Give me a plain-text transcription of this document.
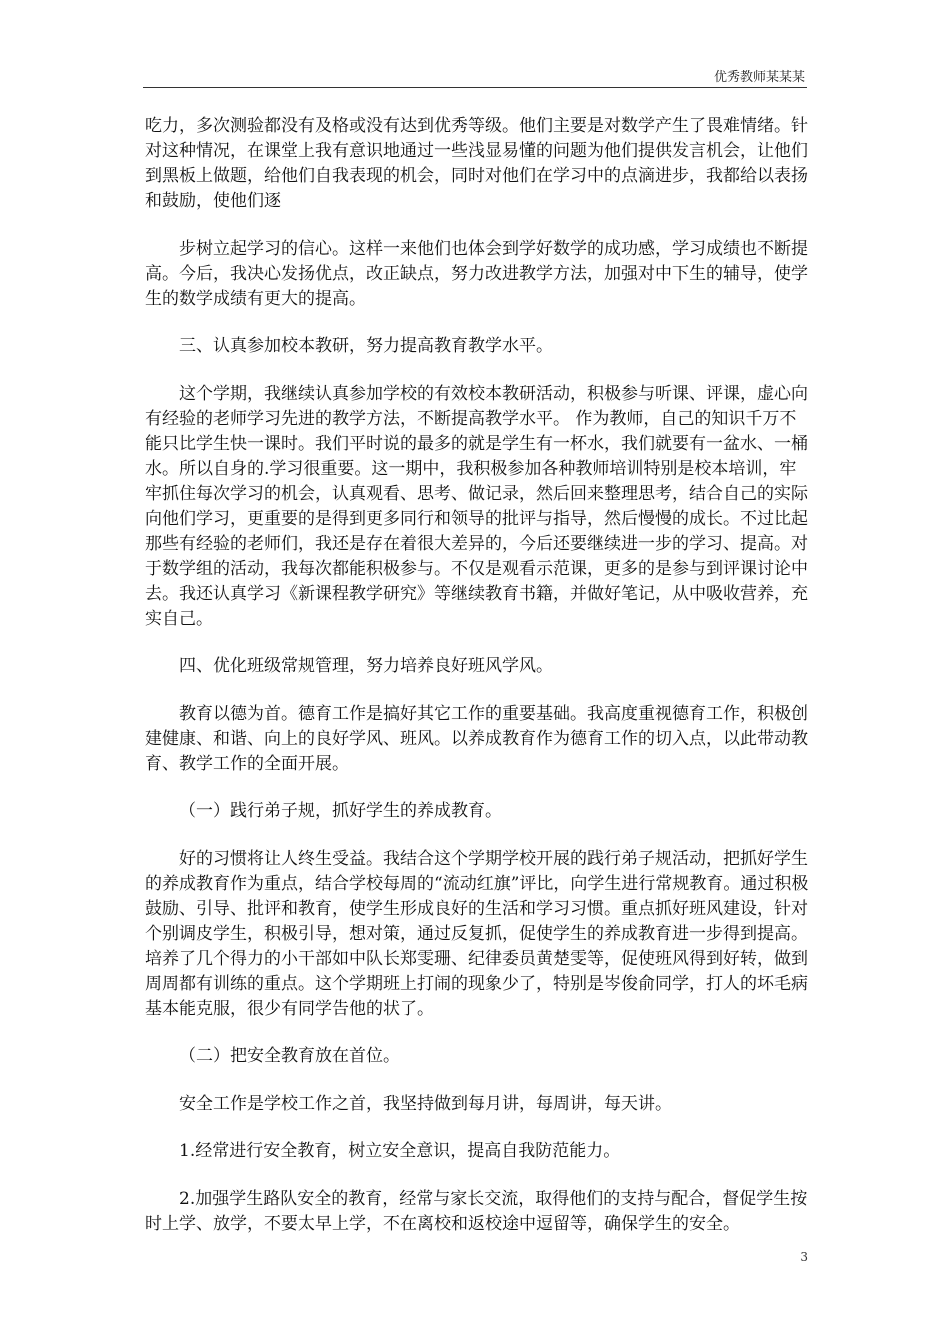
优秀教师某某某

吃力，多次测验都没有及格或没有达到优秀等级。他们主要是对数学产生了畏难情绪。针对这种情况，在课堂上我有意识地通过一些浅显易懂的问题为他们提供发言机会，让他们到黑板上做题，给他们自我表现的机会，同时对他们在学习中的点滴进步，我都给以表扬和鼓励，使他们逐

步树立起学习的信心。这样一来他们也体会到学好数学的成功感，学习成绩也不断提高。今后，我决心发扬优点，改正缺点，努力改进教学方法，加强对中下生的辅导，使学生的数学成绩有更大的提高。

三、认真参加校本教研，努力提高教育教学水平。

这个学期，我继续认真参加学校的有效校本教研活动，积极参与听课、评课，虚心向有经验的老师学习先进的教学方法，不断提高教学水平。 作为教师，自己的知识千万不能只比学生快一课时。我们平时说的最多的就是学生有一杯水，我们就要有一盆水、一桶水。所以自身的.学习很重要。这一期中，我积极参加各种教师培训特别是校本培训，牢牢抓住每次学习的机会，认真观看、思考、做记录，然后回来整理思考，结合自己的实际向他们学习，更重要的是得到更多同行和领导的批评与指导，然后慢慢的成长。不过比起那些有经验的老师们，我还是存在着很大差异的，今后还要继续进一步的学习、提高。对于数学组的活动，我每次都能积极参与。不仅是观看示范课，更多的是参与到评课讨论中去。我还认真学习《新课程教学研究》等继续教育书籍，并做好笔记，从中吸收营养，充实自己。

四、优化班级常规管理，努力培养良好班风学风。

教育以德为首。德育工作是搞好其它工作的重要基础。我高度重视德育工作，积极创建健康、和谐、向上的良好学风、班风。以养成教育作为德育工作的切入点，以此带动教育、教学工作的全面开展。

（一）践行弟子规，抓好学生的养成教育。

好的习惯将让人终生受益。我结合这个学期学校开展的践行弟子规活动，把抓好学生的养成教育作为重点，结合学校每周的“流动红旗”评比，向学生进行常规教育。通过积极鼓励、引导、批评和教育，使学生形成良好的生活和学习习惯。重点抓好班风建设，针对个别调皮学生，积极引导，想对策，通过反复抓，促使学生的养成教育进一步得到提高。培养了几个得力的小干部如中队长郑雯珊、纪律委员黄楚雯等，促使班风得到好转，做到周周都有训练的重点。这个学期班上打闹的现象少了，特别是岑俊俞同学，打人的坏毛病基本能克服，很少有同学告他的状了。

（二）把安全教育放在首位。

安全工作是学校工作之首，我坚持做到每月讲，每周讲，每天讲。

1.经常进行安全教育，树立安全意识，提高自我防范能力。

2.加强学生路队安全的教育，经常与家长交流，取得他们的支持与配合，督促学生按时上学、放学，不要太早上学，不在离校和返校途中逗留等，确保学生的安全。

3
